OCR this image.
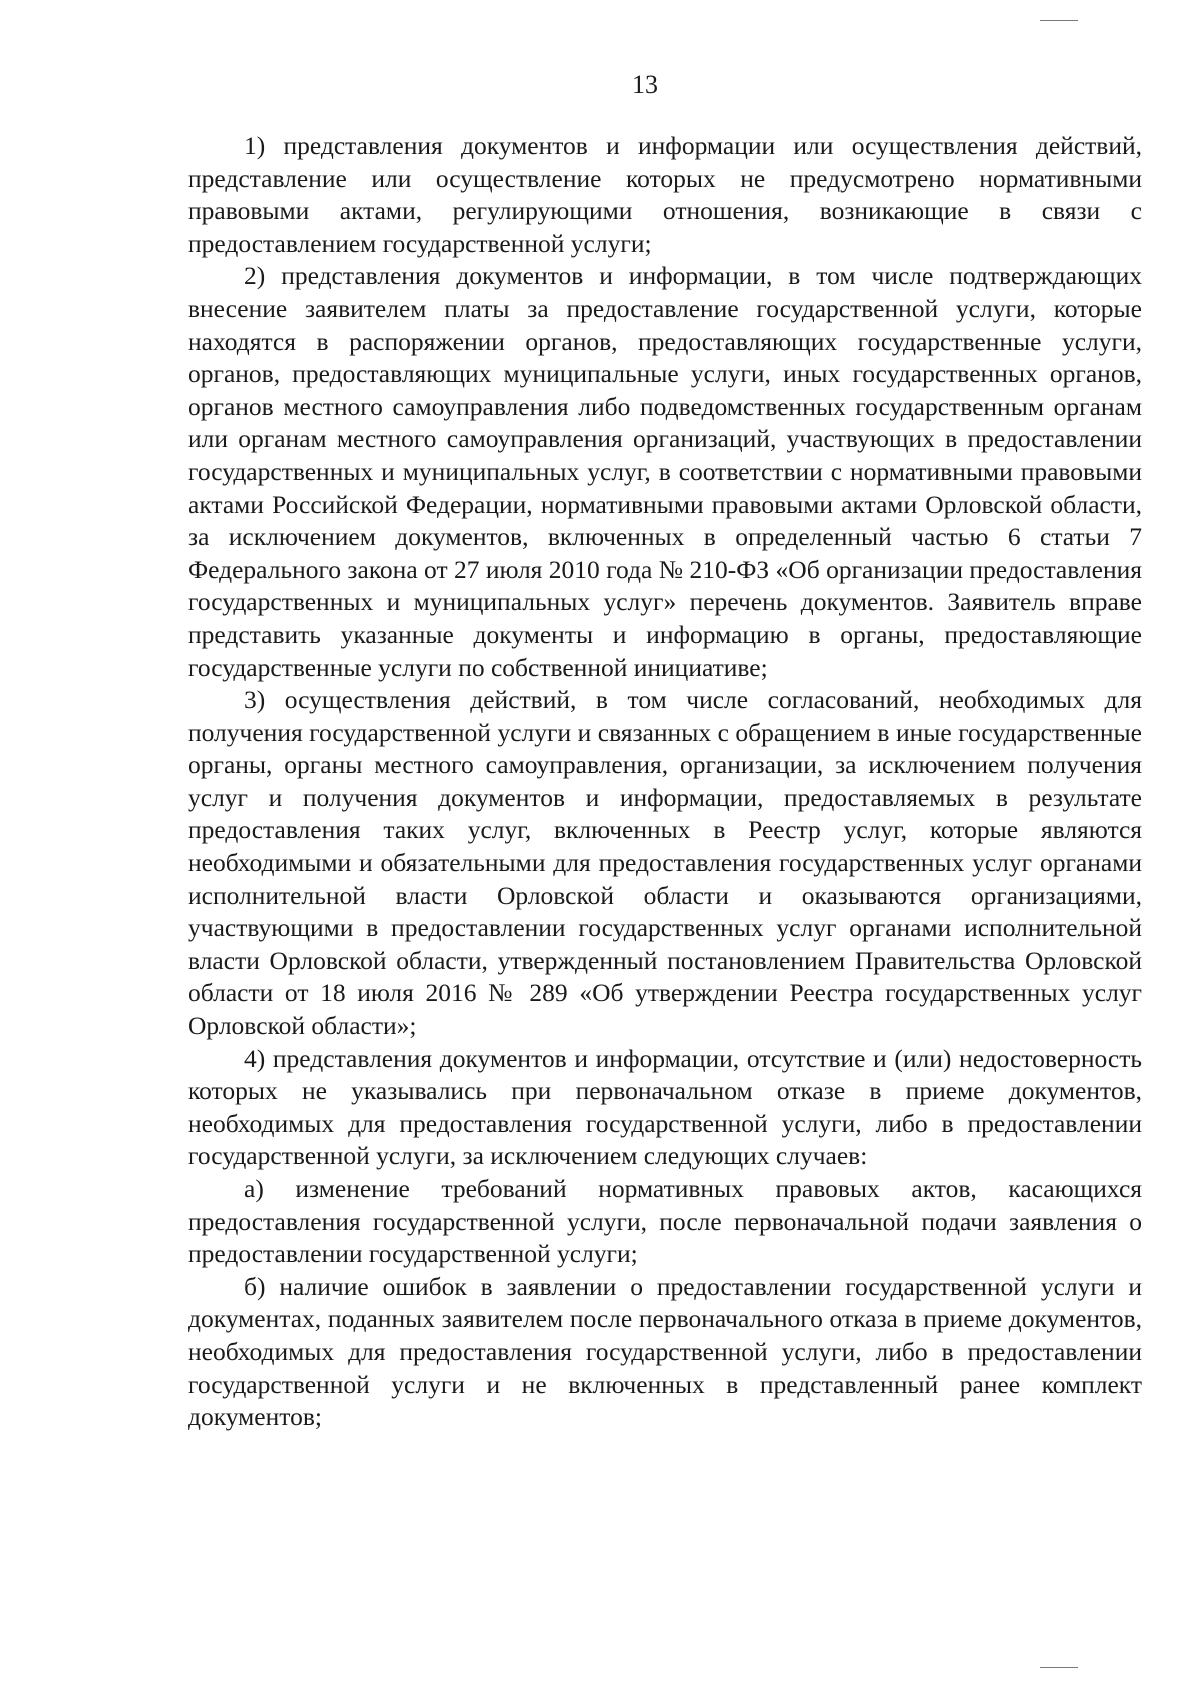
13

1) представления документов и информации или осуществления действий, представление или осуществление которых не предусмотрено нормативными правовыми актами, регулирующими отношения, возникающие в связи с предоставлением государственной услуги;

2) представления документов и информации, в том числе подтверждающих внесение заявителем платы за предоставление государственной услуги, которые находятся в распоряжении органов, предоставляющих государственные услуги, органов, предоставляющих муниципальные услуги, иных государственных органов, органов местного самоуправления либо подведомственных государственным органам или органам местного самоуправления организаций, участвующих в предоставлении государственных и муниципальных услуг, в соответствии с нормативными правовыми актами Российской Федерации, нормативными правовыми актами Орловской области, за исключением документов, включенных в определенный частью 6 статьи 7 Федерального закона от 27 июля 2010 года № 210-ФЗ «Об организации предоставления государственных и муниципальных услуг» перечень документов. Заявитель вправе представить указанные документы и информацию в органы, предоставляющие государственные услуги по собственной инициативе;

3) осуществления действий, в том числе согласований, необходимых для получения государственной услуги и связанных с обращением в иные государственные органы, органы местного самоуправления, организации, за исключением получения услуг и получения документов и информации, предоставляемых в результате предоставления таких услуг, включенных в Реестр услуг, которые являются необходимыми и обязательными для предоставления государственных услуг органами исполнительной власти Орловской области и оказываются организациями, участвующими в предоставлении государственных услуг органами исполнительной власти Орловской области, утвержденный постановлением Правительства Орловской области от 18 июля 2016 № 289 «Об утверждении Реестра государственных услуг Орловской области»;

4) представления документов и информации, отсутствие и (или) недостоверность которых не указывались при первоначальном отказе в приеме документов, необходимых для предоставления государственной услуги, либо в предоставлении государственной услуги, за исключением следующих случаев:

а) изменение требований нормативных правовых актов, касающихся предоставления государственной услуги, после первоначальной подачи заявления о предоставлении государственной услуги;

б) наличие ошибок в заявлении о предоставлении государственной услуги и документах, поданных заявителем после первоначального отказа в приеме документов, необходимых для предоставления государственной услуги, либо в предоставлении государственной услуги и не включенных в представленный ранее комплект документов;
